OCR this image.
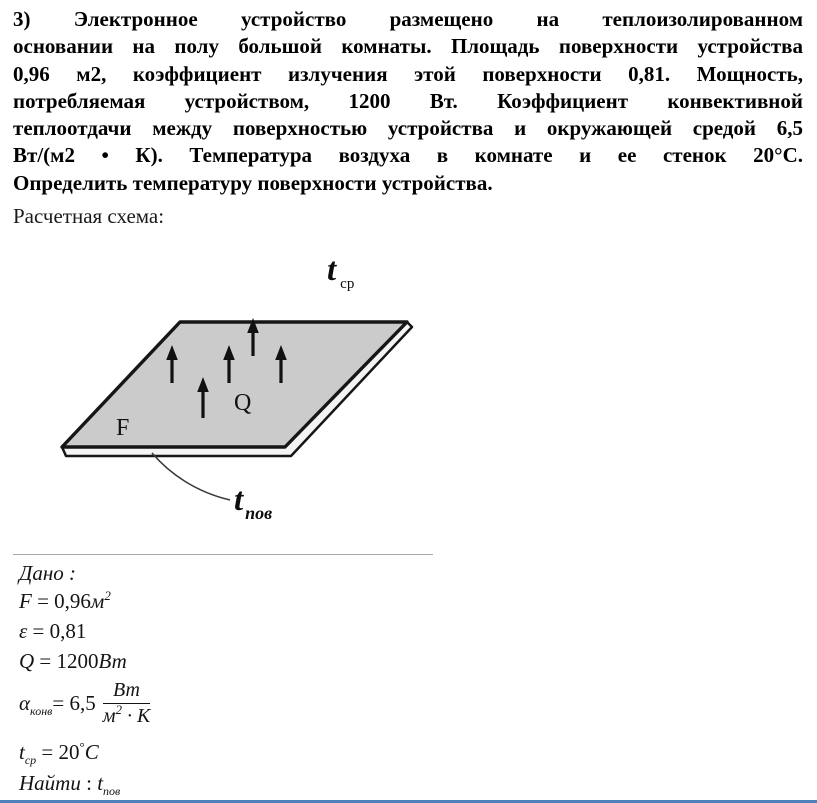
3) Электронное устройство размещено на теплоизолированном
основании на полу большой комнаты. Площадь поверхности устройства
0,96 м2, коэффициент излучения этой поверхности 0,81. Мощность,
потребляемая устройством, 1200 Вт. Коэффициент конвективной
теплоотдачи между поверхностью устройства и окружающей средой 6,5
Вт/(м2 • К). Температура воздуха в комнате и ее стенок 20°С.
Определить температуру поверхности устройства.
Расчетная схема:
F
Q
t $_{ср}$
t $_{пов}$
Дано :
$F = 0,96м^2$
ε = 0,81
Q = 1200Вт
$\alpha_{конв} = 6,5 \frac{Вт}{м^2 \cdot К}$
$t_{ср} = 20^\circ C$
Найти : $t_{пов}$
